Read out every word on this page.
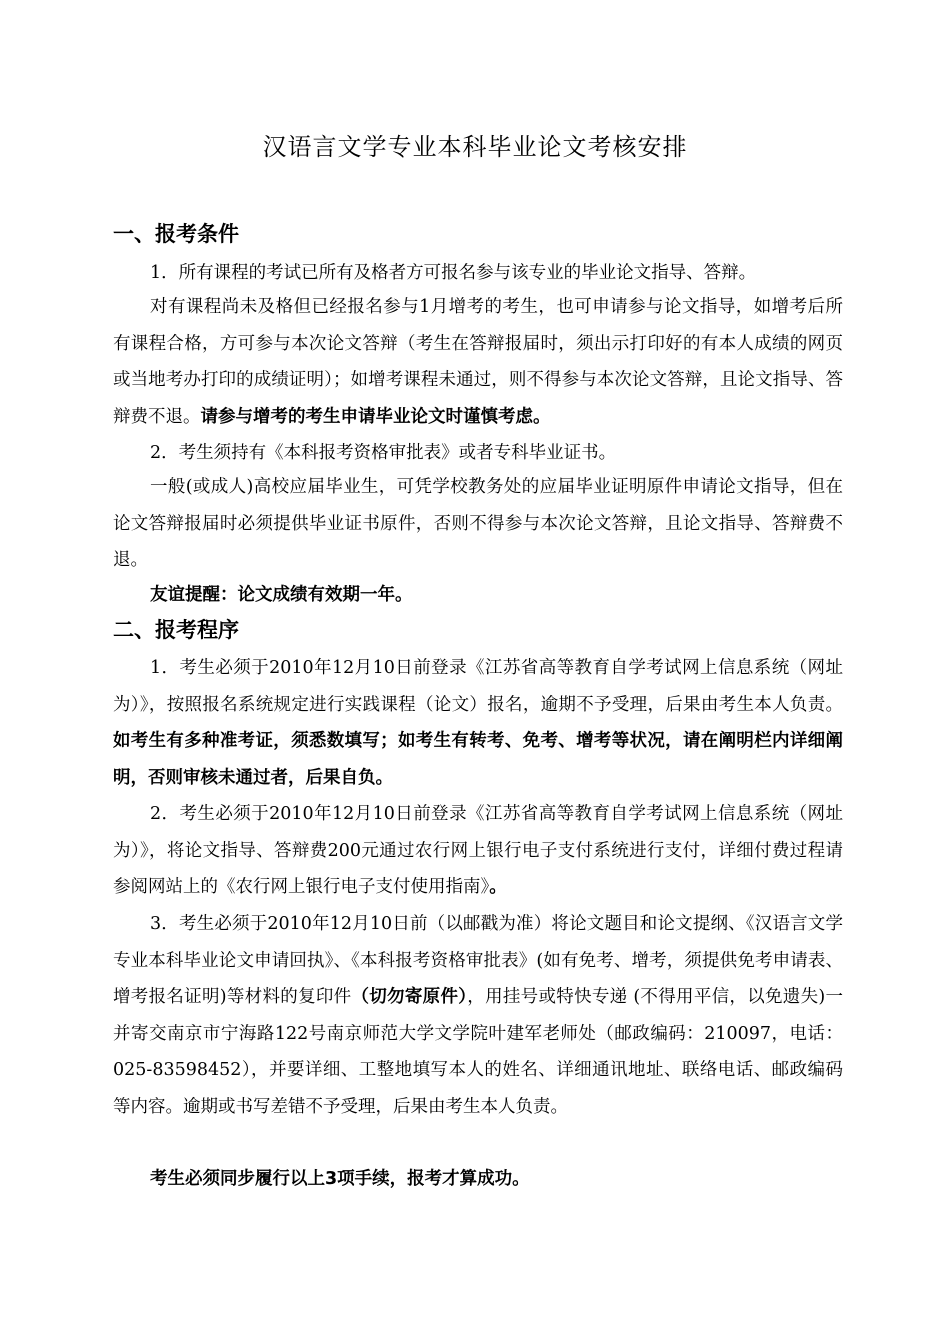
汉语言文学专业本科毕业论文考核安排
一、报考条件

1．所有课程的考试已所有及格者方可报名参与该专业的毕业论文指导、答辩。

对有课程尚未及格但已经报名参与1月增考的考生，也可申请参与论文指导，如增考后所有课程合格，方可参与本次论文答辩（考生在答辩报届时，须出示打印好的有本人成绩的网页或当地考办打印的成绩证明）；如增考课程未通过，则不得参与本次论文答辩，且论文指导、答辩费不退。请参与增考的考生申请毕业论文时谨慎考虑。

2．考生须持有《本科报考资格审批表》或者专科毕业证书。

一般(或成人)高校应届毕业生，可凭学校教务处的应届毕业证明原件申请论文指导，但在论文答辩报届时必须提供毕业证书原件，否则不得参与本次论文答辩，且论文指导、答辩费不退。

友谊提醒：论文成绩有效期一年。
二、报考程序

1．考生必须于2010年12月10日前登录《江苏省高等教育自学考试网上信息系统（网址为）》，按照报名系统规定进行实践课程（论文）报名，逾期不予受理，后果由考生本人负责。如考生有多种准考证，须悉数填写；如考生有转考、免考、增考等状况，请在阐明栏内详细阐明，否则审核未通过者，后果自负。

2．考生必须于2010年12月10日前登录《江苏省高等教育自学考试网上信息系统（网址为）》，将论文指导、答辩费200元通过农行网上银行电子支付系统进行支付，详细付费过程请参阅网站上的《农行网上银行电子支付使用指南》。

3．考生必须于2010年12月10日前（以邮戳为准）将论文题目和论文提纲、《汉语言文学专业本科毕业论文申请回执》、《本科报考资格审批表》(如有免考、增考，须提供免考申请表、增考报名证明)等材料的复印件（切勿寄原件），用挂号或特快专递 (不得用平信，以免遗失)一并寄交南京市宁海路122号南京师范大学文学院叶建军老师处（邮政编码：210097，电话：025-83598452），并要详细、工整地填写本人的姓名、详细通讯地址、联络电话、邮政编码等内容。逾期或书写差错不予受理，后果由考生本人负责。

考生必须同步履行以上3项手续，报考才算成功。
